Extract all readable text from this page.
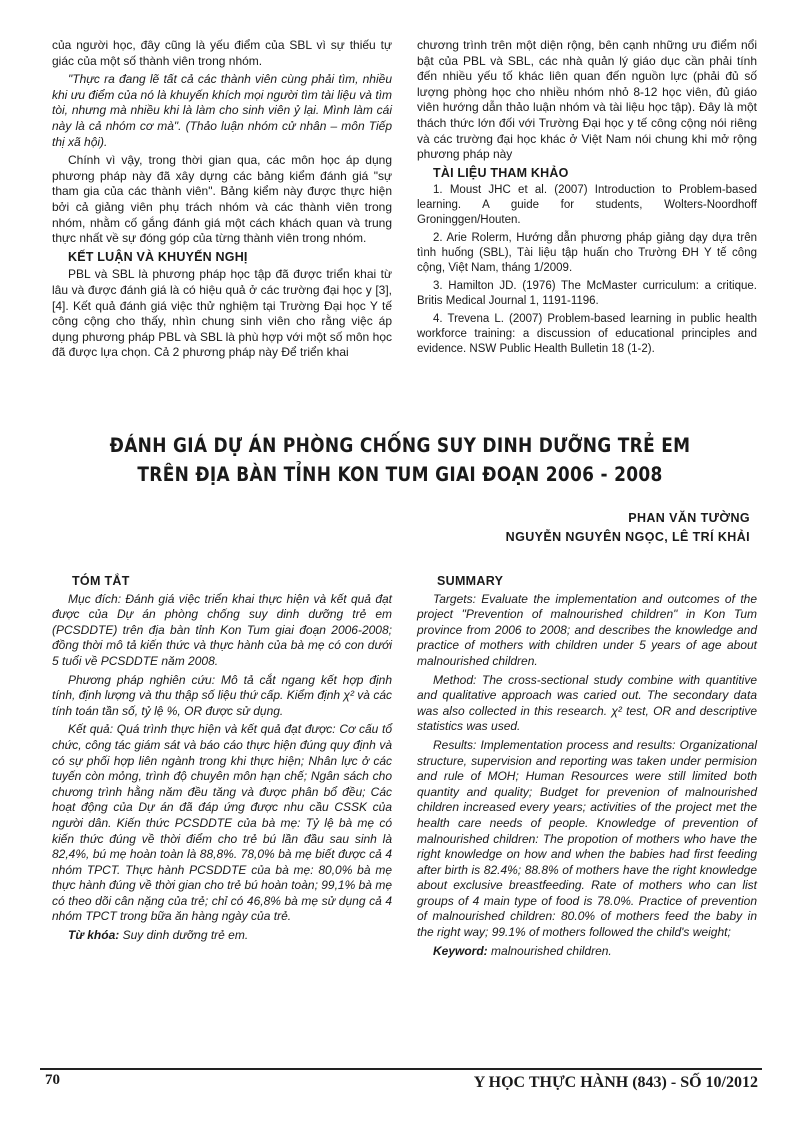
của người học, đây cũng là yếu điểm của SBL vì sự thiếu tự giác của một số thành viên trong nhóm.

"Thực ra đang lẽ tất cả các thành viên cùng phải tìm, nhiều khi ưu điểm của nó là khuyến khích mọi người tìm tài liệu và tìm tòi, nhưng mà nhiều khi là làm cho sinh viên ỷ lại. Mình làm cái này là cả nhóm cơ mà". (Thảo luận nhóm cử nhân – môn Tiếp thị xã hội).

Chính vì vậy, trong thời gian qua, các môn học áp dụng phương pháp này đã xây dựng các bảng kiểm đánh giá "sự tham gia của các thành viên". Bảng kiểm này được thực hiện bởi cả giảng viên phụ trách nhóm và các thành viên trong nhóm, nhằm cố gắng đánh giá một cách khách quan và trung thực nhất về sự đóng góp của từng thành viên trong nhóm.

KẾT LUẬN VÀ KHUYẾN NGHỊ

PBL và SBL là phương pháp học tập đã được triển khai từ lâu và được đánh giá là có hiệu quả ở các trường đại học y [3],[4]. Kết quả đánh giá việc thử nghiệm tại Trường Đại học Y tế công cộng cho thấy, nhìn chung sinh viên cho rằng việc áp dụng phương pháp PBL và SBL là phù hợp với một số môn học đã được lựa chọn. Cả 2 phương pháp này Để triển khai

chương trình trên một diện rộng, bên cạnh những ưu điểm nổi bật của PBL và SBL, các nhà quản lý giáo dục cần phải tính đến nhiều yếu tố khác liên quan đến nguồn lực (phải đủ số lượng phòng học cho nhiều nhóm nhỏ 8-12 học viên, đủ giáo viên hướng dẫn thảo luận nhóm và tài liệu học tập). Đây là một thách thức lớn đối với Trường Đại học y tế công cộng nói riêng và các trường đại học khác ở Việt Nam nói chung khi mở rộng phương pháp này

TÀI LIỆU THAM KHẢO

1. Moust JHC et al. (2007) Introduction to Problem-based learning. A guide for students, Wolters-Noordhoff Groninggen/Houten.

2. Arie Rolerm, Hướng dẫn phương pháp giảng dạy dựa trên tình huống (SBL), Tài liệu tập huấn cho Trường ĐH Y tế công cộng, Việt Nam, tháng 1/2009.

3. Hamilton JD. (1976) The McMaster curriculum: a critique. Britis Medical Journal 1, 1191-1196.

4. Trevena L. (2007) Problem-based learning in public health workforce training: a discussion of educational principles and evidence. NSW Public Health Bulletin 18 (1-2).

ĐÁNH GIÁ DỰ ÁN PHÒNG CHỐNG SUY DINH DƯỠNG TRẺ EM
TRÊN ĐỊA BÀN TỈNH KON TUM GIAI ĐOẠN 2006 - 2008
PHAN VĂN TƯỜNG
NGUYỄN NGUYÊN NGỌC, LÊ TRÍ KHẢI
TÓM TẮT

Mục đích: Đánh giá việc triển khai thực hiện và kết quả đạt được của Dự án phòng chống suy dinh dưỡng trẻ em (PCSDDTE) trên địa bàn tỉnh Kon Tum giai đoạn 2006-2008; đồng thời mô tả kiến thức và thực hành của bà mẹ có con dưới 5 tuổi về PCSDDTE năm 2008.

Phương pháp nghiên cứu: Mô tả cắt ngang kết hợp định tính, định lượng và thu thập số liệu thứ cấp. Kiểm định χ² và các tính toán tần số, tỷ lệ %, OR được sử dụng.

Kết quả: Quá trình thực hiện và kết quả đạt được: Cơ cấu tổ chức, công tác giám sát và báo cáo thực hiện đúng quy định và có sự phối hợp liên ngành trong khi thực hiện; Nhân lực ở các tuyến còn mỏng, trình độ chuyên môn hạn chế; Ngân sách cho chương trình hằng năm đều tăng và được phân bổ đều; Các hoạt động của Dự án đã đáp ứng được nhu cầu CSSK của người dân. Kiến thức PCSDDTE của bà mẹ: Tỷ lệ bà mẹ có kiến thức đúng về thời điểm cho trẻ bú lần đầu sau sinh là 82,4%, bú mẹ hoàn toàn là 88,8%. 78,0% bà mẹ biết được cả 4 nhóm TPCT. Thực hành PCSDDTE của bà mẹ: 80,0% bà mẹ thực hành đúng về thời gian cho trẻ bú hoàn toàn; 99,1% bà mẹ có theo dõi cân nặng của trẻ; chỉ có 46,8% bà mẹ sử dụng cả 4 nhóm TPCT trong bữa ăn hàng ngày của trẻ.

Từ khóa: Suy dinh dưỡng trẻ em.

SUMMARY

Targets: Evaluate the implementation and outcomes of the project "Prevention of malnourished children" in Kon Tum province from 2006 to 2008; and describes the knowledge and practice of mothers with children under 5 years of age about malnourished children.

Method: The cross-sectional study combine with quantitive and qualitative approach was caried out. The secondary data was also collected in this research. χ² test, OR and descriptive statistics was used.

Results: Implementation process and results: Organizational structure, supervision and reporting was taken under permision and rule of MOH; Human Resources were still limited both quantity and quality; Budget for prevenion of malnourished children increased every years; activities of the project met the health care needs of people. Knowledge of prevention of malnourished children: The propotion of mothers who have the right knowledge on how and when the babies had first feeding after birth is 82.4%; 88.8% of mothers have the right knowledge about exclusive breastfeeding. Rate of mothers who can list groups of 4 main type of food is 78.0%. Practice of prevention of malnourished children: 80.0% of mothers feed the baby in the right way; 99.1% of mothers followed the child's weight;

Keyword: malnourished children.

70	Y HỌC THỰC HÀNH (843) - SỐ 10/2012
